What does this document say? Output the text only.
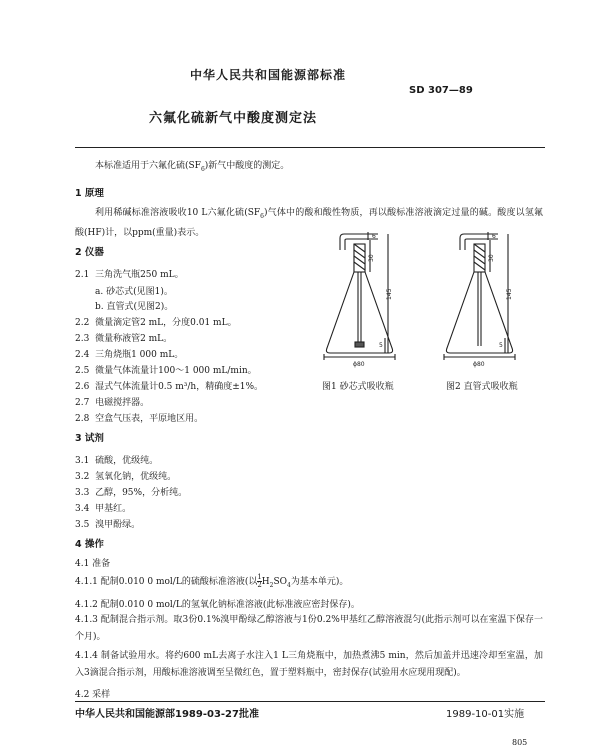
中华人民共和国能源部标准
SD 307—89
六氟化硫新气中酸度测定法
本标准适用于六氟化硫$(SF_6)$新气中酸度的测定。
1 原理
利用稀碱标准溶液吸收10 L六氟化硫$(SF_6)$气体中的酸和酸性物质，再以酸标准溶液滴定过量的碱。酸度以氢氟酸(HF)计，以ppm(重量)表示。
2 仪器
2.1 三角洗气瓶250 mL。
a. 砂芯式(见图1)。
b. 直管式(见图2)。
2.2 微量滴定管2 mL，分度0.01 mL。
2.3 微量称液管2 mL。
2.4 三角烧瓶1 000 mL。
2.5 微量气体流量计100～1 000 mL/min。
2.6 湿式气体流量计0.5 m³/h，精确度±1%。
2.7 电磁搅拌器。
2.8 空盒气压表，平原地区用。
6
30
145
5
ϕ80
6
30
145
5
ϕ80
图1 砂芯式吸收瓶	图2 直管式吸收瓶
3 试剂
3.1 硫酸，优级纯。
3.2 氢氧化钠，优级纯。
3.3 乙醇，95%，分析纯。
3.4 甲基红。
3.5 溴甲酚绿。
4 操作
4.1 准备
4.1.1 配制0.010 0 mol/L的硫酸标准溶液(以 $\frac{1}{2} H_2SO_4$为基本单元)。
4.1.2 配制0.010 0 mol/L的氢氧化钠标准溶液(此标准液应密封保存)。
4.1.3 配制混合指示剂。取3份0.1%溴甲酚绿乙醇溶液与1份0.2%甲基红乙醇溶液混匀(此指示剂可以在室温下保存一个月)。
4.1.4 制备试验用水。将约600 mL去离子水注入1 L三角烧瓶中，加热煮沸5 min，然后加盖并迅速冷却至室温，加入3滴混合指示剂，用酸标准溶液调至呈微红色，置于塑料瓶中，密封保存(试验用水应现用现配)。
4.2 采样
中华人民共和国能源部1989-03-27批准	1989-10-01实施
805
